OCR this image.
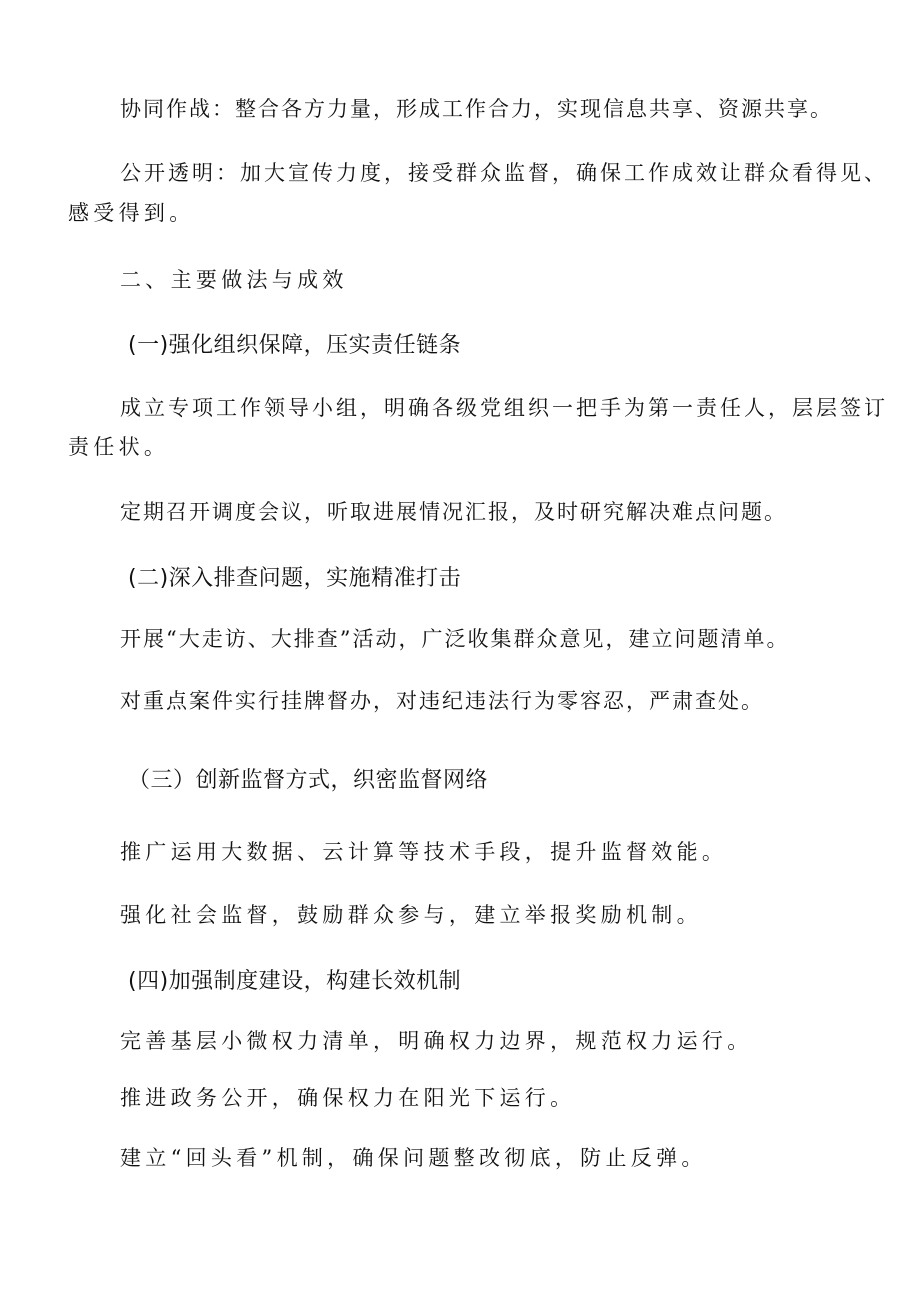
协同作战：整合各方力量，形成工作合力，实现信息共享、资源共享。

公开透明：加大宣传力度，接受群众监督，确保工作成效让群众看得见、

感受得到。

二、主要做法与成效

(一)强化组织保障，压实责任链条

成立专项工作领导小组，明确各级党组织一把手为第一责任人，层层签订

责任状。

定期召开调度会议，听取进展情况汇报，及时研究解决难点问题。

(二)深入排查问题，实施精准打击

开展“大走访、大排查”活动，广泛收集群众意见，建立问题清单。

对重点案件实行挂牌督办，对违纪违法行为零容忍，严肃查处。

（三）创新监督方式，织密监督网络

推广运用大数据、云计算等技术手段，提升监督效能。

强化社会监督，鼓励群众参与，建立举报奖励机制。

(四)加强制度建设，构建长效机制

完善基层小微权力清单，明确权力边界，规范权力运行。

推进政务公开，确保权力在阳光下运行。

建立“回头看”机制，确保问题整改彻底，防止反弹。
